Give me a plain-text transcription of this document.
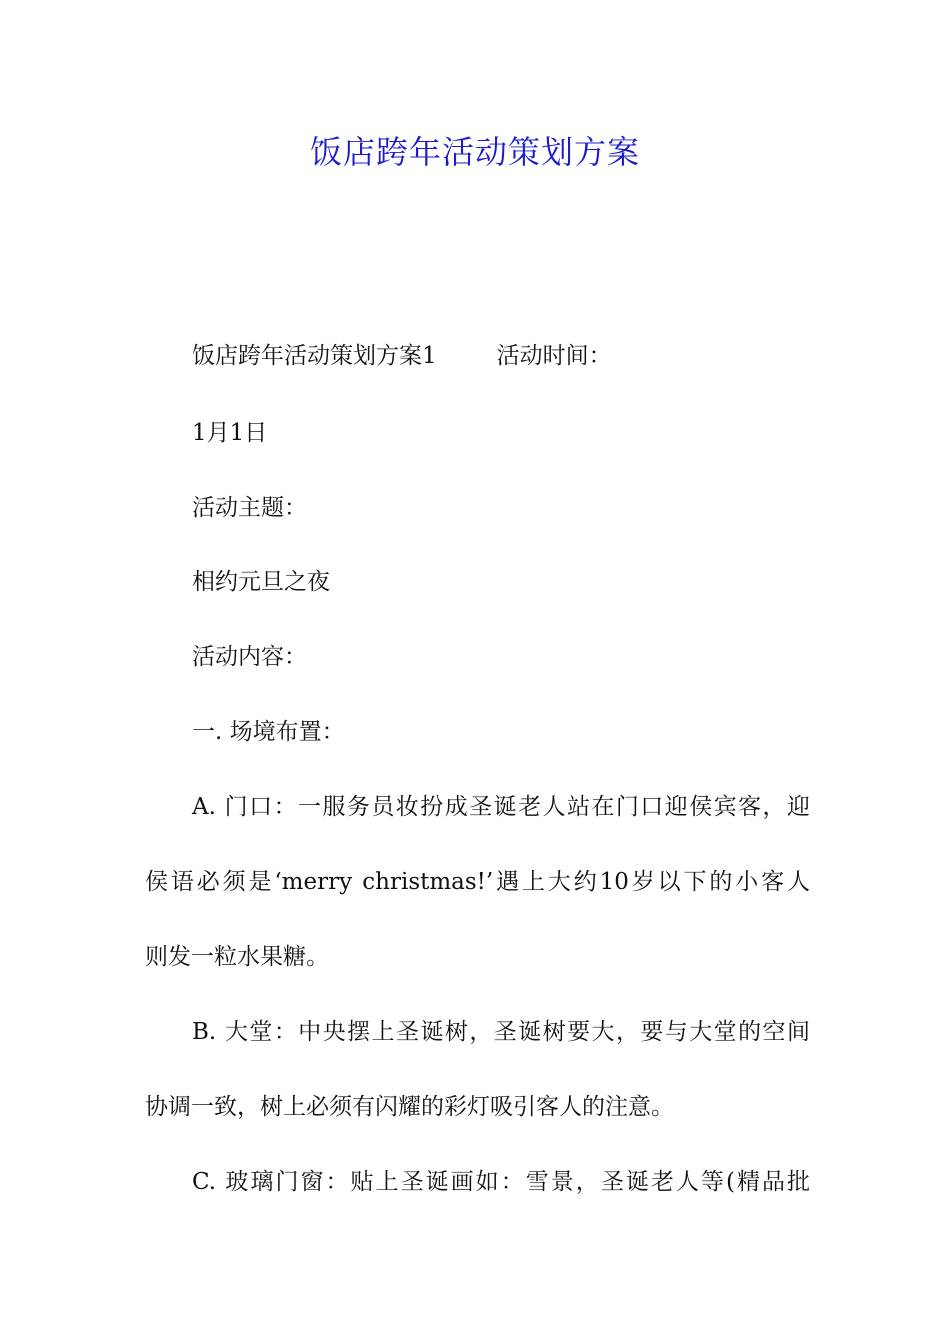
饭店跨年活动策划方案
饭店跨年活动策划方案1	活动时间：
1月1日
活动主题：
相约元旦之夜
活动内容：
一. 场境布置：
A. 门口：一服务员妆扮成圣诞老人站在门口迎侯宾客，迎
侯语必须是‘merry christmas!’遇上大约10岁以下的小客人
则发一粒水果糖。
B. 大堂：中央摆上圣诞树，圣诞树要大，要与大堂的空间
协调一致，树上必须有闪耀的彩灯吸引客人的注意。
C. 玻璃门窗：贴上圣诞画如：雪景，圣诞老人等(精品批
